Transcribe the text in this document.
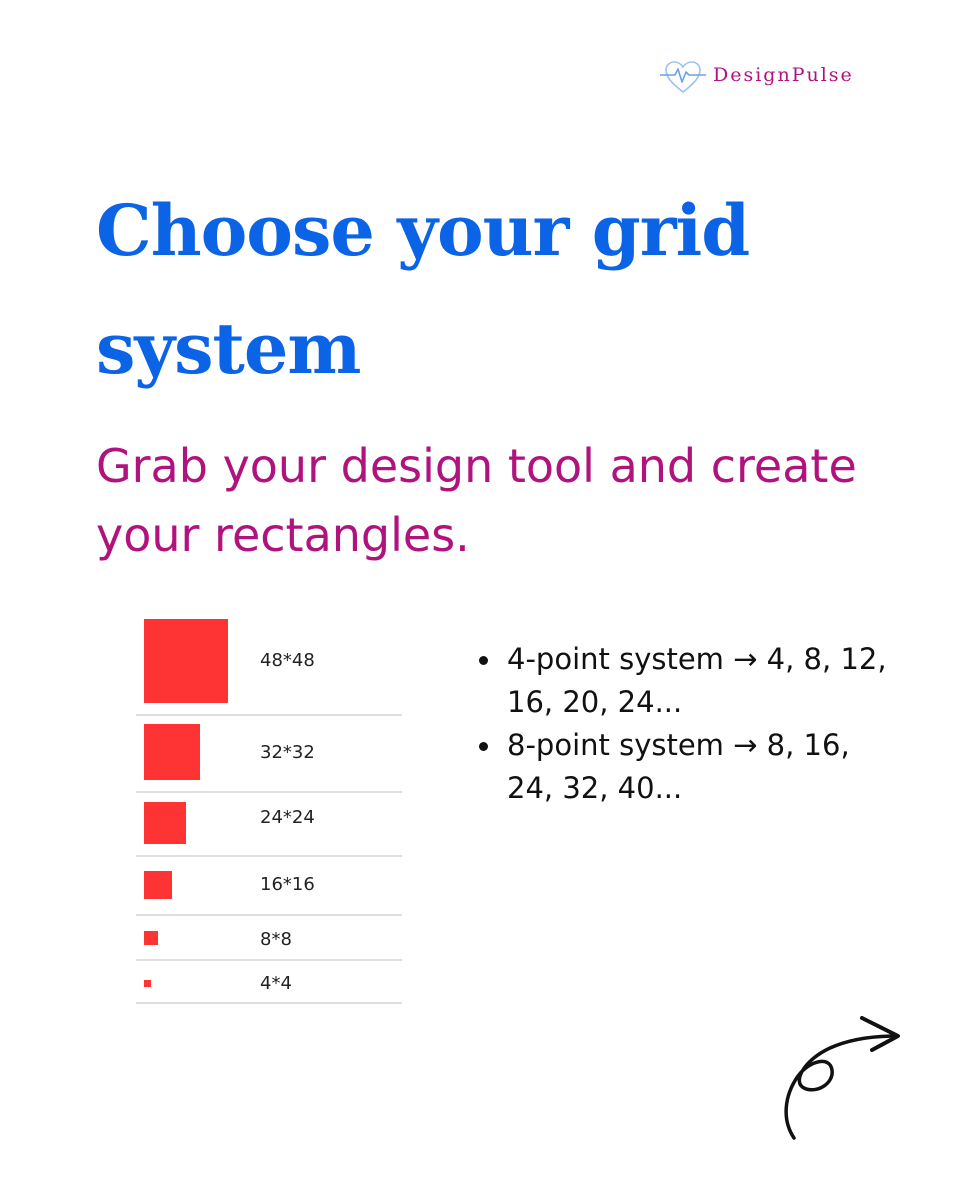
DesignPulse
Choose your grid system

Grab your design tool and create your rectangles.

48*48
32*32
24*24
16*16
8*8
4*4
4-point system → 4, 8, 12, 16, 20, 24...
8-point system → 8, 16, 24, 32, 40...
